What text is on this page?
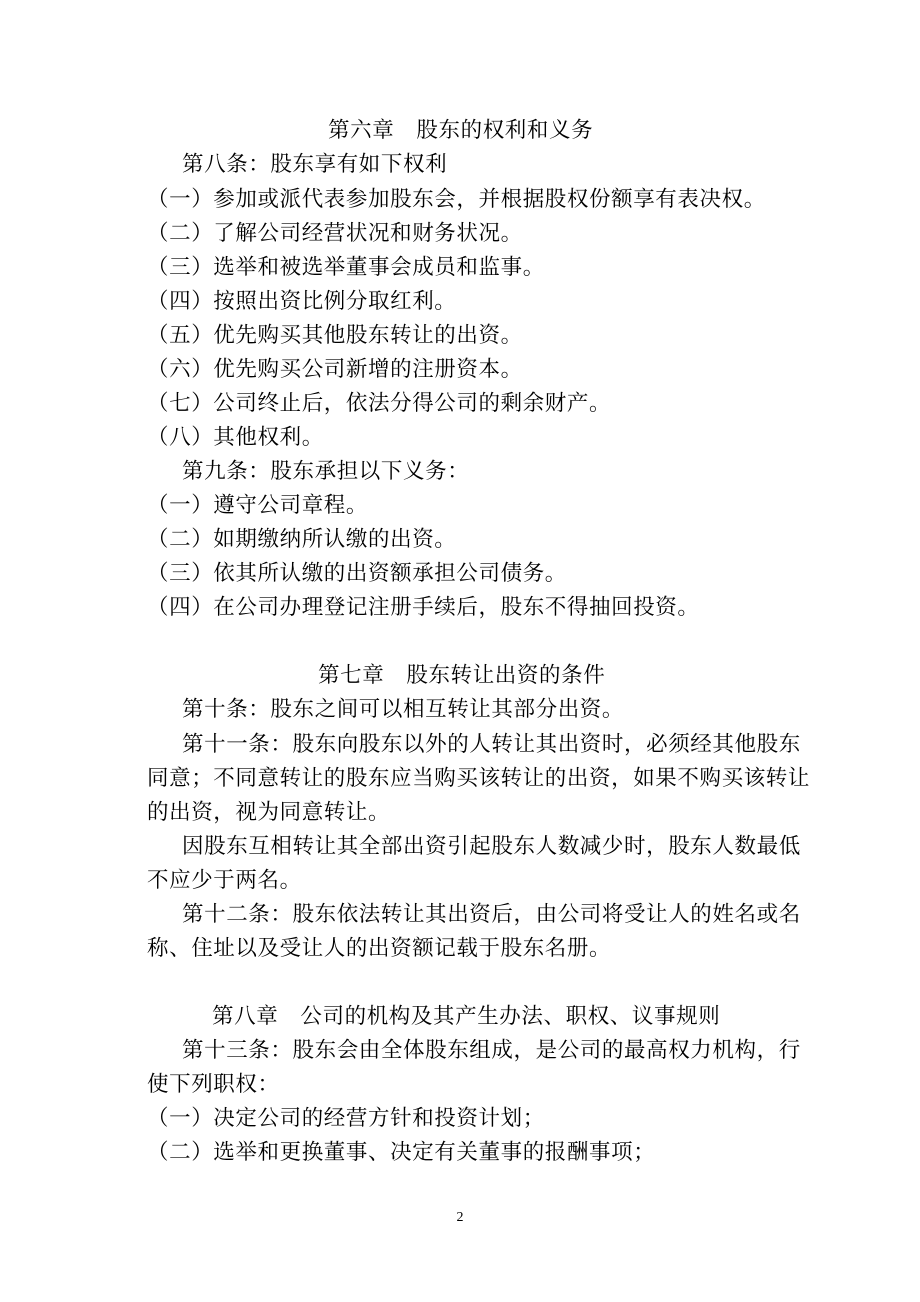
第六章　股东的权利和义务
第八条：股东享有如下权利
（一）参加或派代表参加股东会，并根据股权份额享有表决权。
（二）了解公司经营状况和财务状况。
（三）选举和被选举董事会成员和监事。
（四）按照出资比例分取红利。
（五）优先购买其他股东转让的出资。
（六）优先购买公司新增的注册资本。
（七）公司终止后，依法分得公司的剩余财产。
（八）其他权利。
第九条：股东承担以下义务：
（一）遵守公司章程。
（二）如期缴纳所认缴的出资。
（三）依其所认缴的出资额承担公司债务。
（四）在公司办理登记注册手续后，股东不得抽回投资。
第七章　股东转让出资的条件
第十条：股东之间可以相互转让其部分出资。
第十一条：股东向股东以外的人转让其出资时，必须经其他股东
同意；不同意转让的股东应当购买该转让的出资，如果不购买该转让
的出资，视为同意转让。
因股东互相转让其全部出资引起股东人数减少时，股东人数最低
不应少于两名。
第十二条：股东依法转让其出资后，由公司将受让人的姓名或名
称、住址以及受让人的出资额记载于股东名册。
第八章　公司的机构及其产生办法、职权、议事规则
第十三条：股东会由全体股东组成，是公司的最高权力机构，行
使下列职权：
（一）决定公司的经营方针和投资计划；
（二）选举和更换董事、决定有关董事的报酬事项；
2
